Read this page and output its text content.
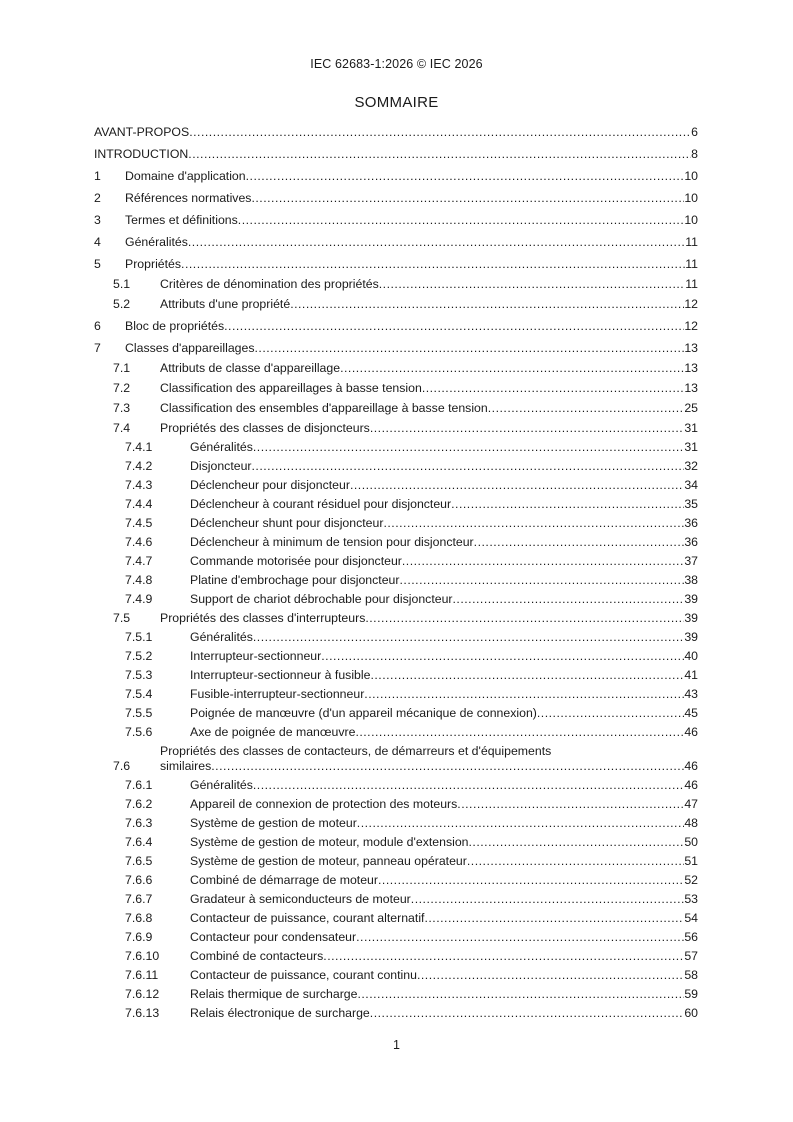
IEC 62683-1:2026 © IEC 2026
SOMMAIRE
AVANT-PROPOS .....	6
INTRODUCTION .....	8
1	Domaine d'application .....	10
2	Références normatives .....	10
3	Termes et définitions .....	10
4	Généralités .....	11
5	Propriétés .....	11
5.1	Critères de dénomination des propriétés .....	11
5.2	Attributs d'une propriété .....	12
6	Bloc de propriétés .....	12
7	Classes d'appareillages .....	13
7.1	Attributs de classe d'appareillage .....	13
7.2	Classification des appareillages à basse tension .....	13
7.3	Classification des ensembles d'appareillage à basse tension .....	25
7.4	Propriétés des classes de disjoncteurs .....	31
7.4.1	Généralités .....	31
7.4.2	Disjoncteur .....	32
7.4.3	Déclencheur pour disjoncteur .....	34
7.4.4	Déclencheur à courant résiduel pour disjoncteur .....	35
7.4.5	Déclencheur shunt pour disjoncteur .....	36
7.4.6	Déclencheur à minimum de tension pour disjoncteur .....	36
7.4.7	Commande motorisée pour disjoncteur .....	37
7.4.8	Platine d'embrochage pour disjoncteur .....	38
7.4.9	Support de chariot débrochable pour disjoncteur .....	39
7.5	Propriétés des classes d'interrupteurs .....	39
7.5.1	Généralités .....	39
7.5.2	Interrupteur-sectionneur .....	40
7.5.3	Interrupteur-sectionneur à fusible .....	41
7.5.4	Fusible-interrupteur-sectionneur .....	43
7.5.5	Poignée de manœuvre (d'un appareil mécanique de connexion) .....	45
7.5.6	Axe de poignée de manœuvre .....	46
7.6
Propriétés des classes de contacteurs, de démarreurs et d'équipements
similaires .....	46
7.6.1	Généralités .....	46
7.6.2	Appareil de connexion de protection des moteurs .....	47
7.6.3	Système de gestion de moteur .....	48
7.6.4	Système de gestion de moteur, module d'extension .....	50
7.6.5	Système de gestion de moteur, panneau opérateur .....	51
7.6.6	Combiné de démarrage de moteur .....	52
7.6.7	Gradateur à semiconducteurs de moteur .....	53
7.6.8	Contacteur de puissance, courant alternatif .....	54
7.6.9	Contacteur pour condensateur .....	56
7.6.10	Combiné de contacteurs .....	57
7.6.11	Contacteur de puissance, courant continu .....	58
7.6.12	Relais thermique de surcharge .....	59
7.6.13	Relais électronique de surcharge .....	60
1
